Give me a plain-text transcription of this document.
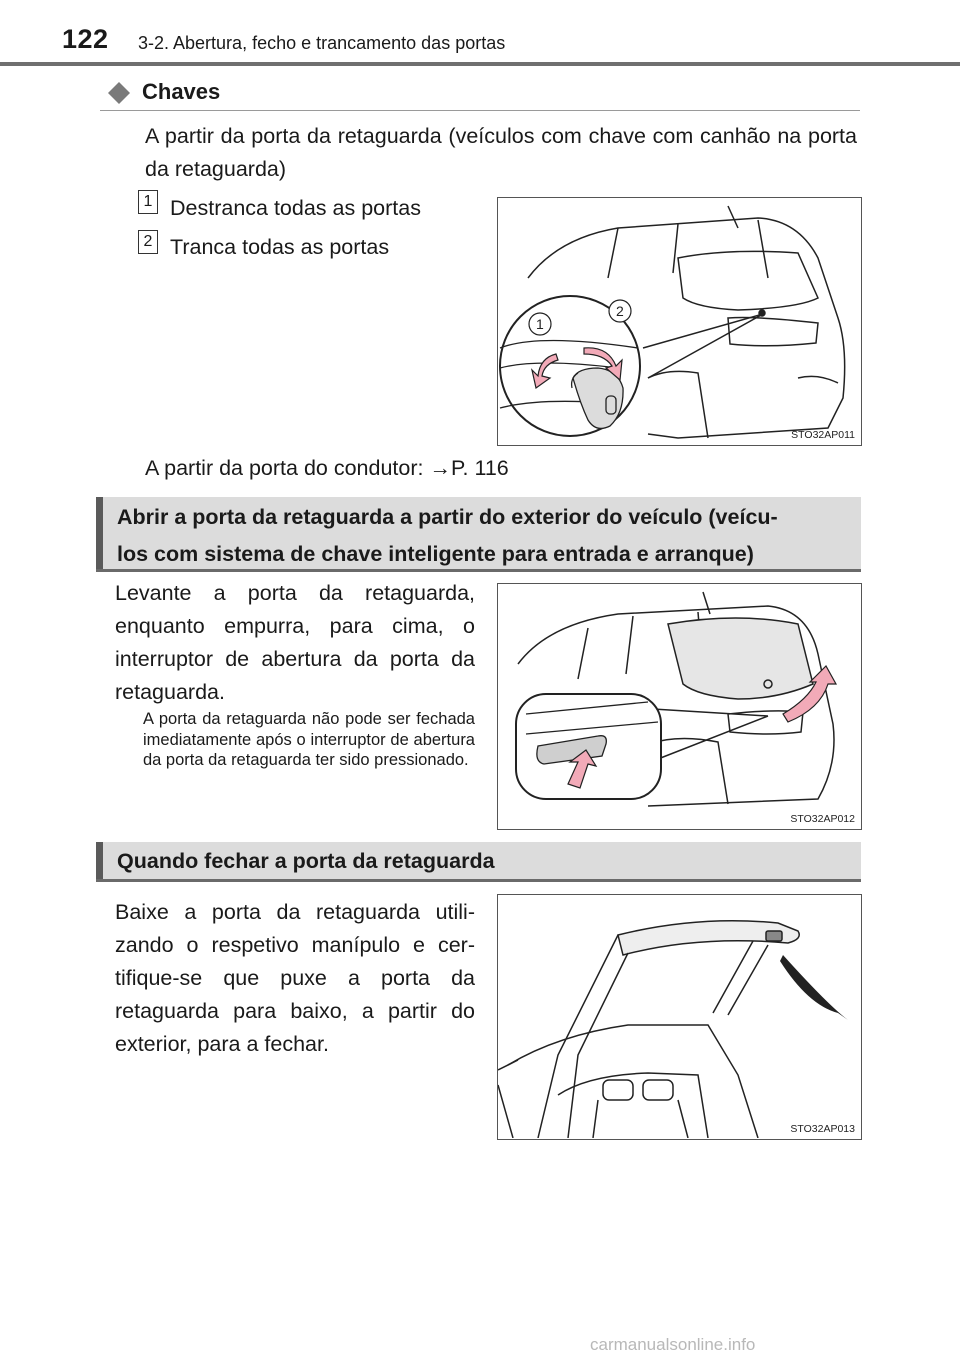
122 3-2. Abertura, fecho e trancamento das portas
Chaves
A partir da porta da retaguarda (veículos com chave com canhão na porta da retaguarda)
1 Destranca todas as portas
2 Tranca todas as portas
1
2
STO32AP011
A partir da porta do condutor: →P. 116
Abrir a porta da retaguarda a partir do exterior do veículo (veícu-
los com sistema de chave inteligente para entrada e arranque)
Levante a porta da retaguarda, enquanto empurra, para cima, o interruptor de abertura da porta da retaguarda.
A porta da retaguarda não pode ser fechada imediatamente após o interruptor de abertura da porta da retaguarda ter sido pressionado.
STO32AP012
Quando fechar a porta da retaguarda
Baixe a porta da retaguarda utili-zando o respetivo manípulo e cer-tifique-se que puxe a porta da retaguarda para baixo, a partir do exterior, para a fechar.
STO32AP013
carmanualsonline.info
